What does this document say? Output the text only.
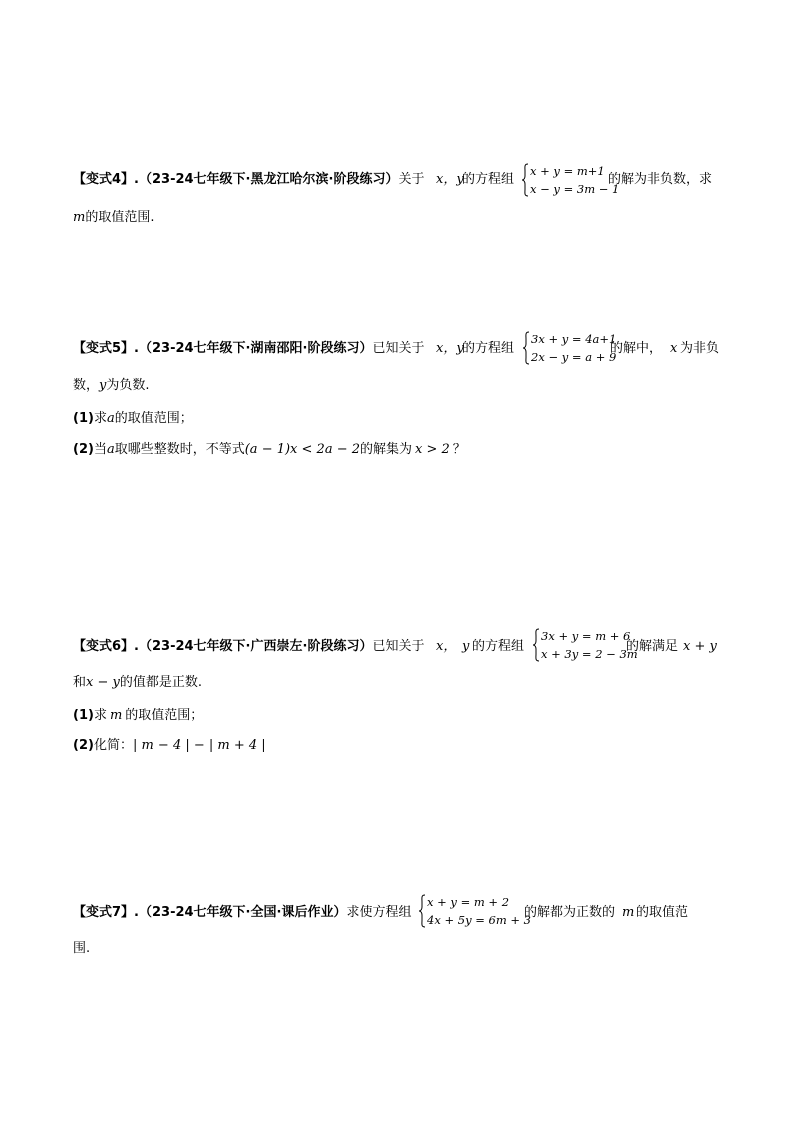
【变式4】.（23-24七年级下·黑龙江哈尔滨·阶段练习）关于 x，y
的方程组
x + y = m+1
x − y = 3m − 1
的解为非负数，求
m的取值范围.
【变式5】.（23-24七年级下·湖南邵阳·阶段练习）已知关于 x，y
的方程组
3x + y = 4a+1
2x − y = a + 9
的解中， x 为非负
数，y为负数.
(1)求a的取值范围；
(2)当a取哪些整数时，不等式(a − 1)x < 2a − 2的解集为 x > 2 ？
【变式6】.（23-24七年级下·广西崇左·阶段练习）已知关于 x， y 的方程组
3x + y = m + 6
x + 3y = 2 − 3m
的解满足 x + y
和x − y的值都是正数.
(1)求 m 的取值范围；
(2)化简：| m − 4 | − | m + 4 |
【变式7】.（23-24七年级下·全国·课后作业）求使方程组
x + y = m + 2
4x + 5y = 6m + 3
的解都为正数的 m 的取值范
围.
